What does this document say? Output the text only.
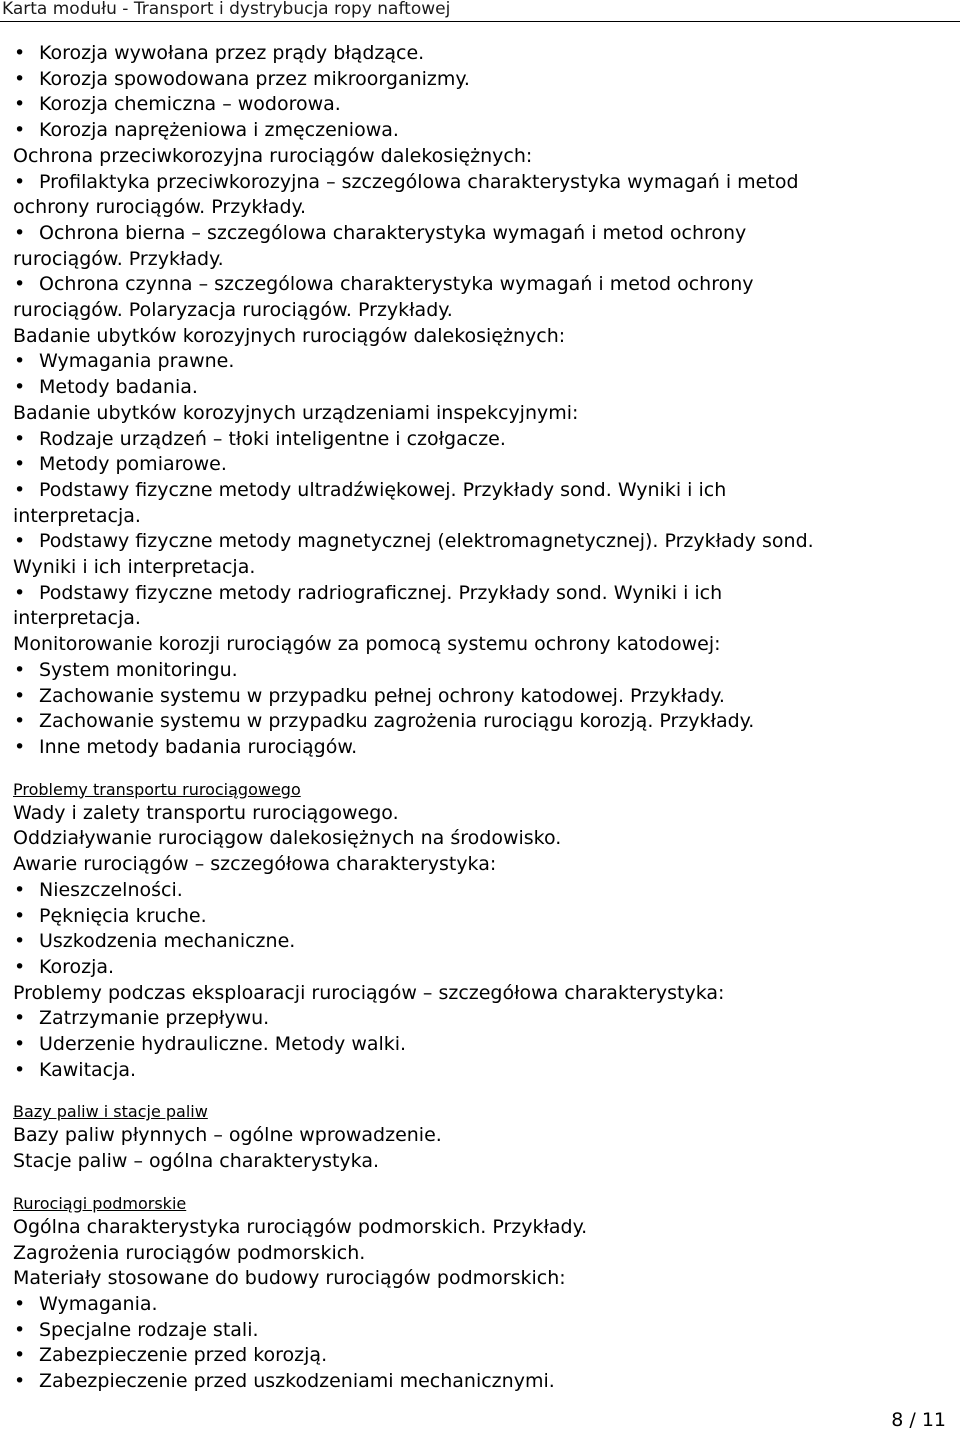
Karta modułu - Transport i dystrybucja ropy naftowej
• Korozja wywołana przez prądy błądzące.
• Korozja spowodowana przez mikroorganizmy.
• Korozja chemiczna – wodorowa.
• Korozja naprężeniowa i zmęczeniowa.
Ochrona przeciwkorozyjna rurociągów dalekosiężnych:
• Profilaktyka przeciwkorozyjna – szczególowa charakterystyka wymagań i metod
ochrony rurociągów. Przykłady.
• Ochrona bierna – szczególowa charakterystyka wymagań i metod ochrony
rurociągów. Przykłady.
• Ochrona czynna – szczególowa charakterystyka wymagań i metod ochrony
rurociągów. Polaryzacja rurociągów. Przykłady.
Badanie ubytków korozyjnych rurociągów dalekosiężnych:
• Wymagania prawne.
• Metody badania.
Badanie ubytków korozyjnych urządzeniami inspekcyjnymi:
• Rodzaje urządzeń – tłoki inteligentne i czołgacze.
• Metody pomiarowe.
• Podstawy fizyczne metody ultradźwiękowej. Przykłady sond. Wyniki i ich
interpretacja.
• Podstawy fizyczne metody magnetycznej (elektromagnetycznej). Przykłady sond.
Wyniki i ich interpretacja.
• Podstawy fizyczne metody radriograficznej. Przykłady sond. Wyniki i ich
interpretacja.
Monitorowanie korozji rurociągów za pomocą systemu ochrony katodowej:
• System monitoringu.
• Zachowanie systemu w przypadku pełnej ochrony katodowej. Przykłady.
• Zachowanie systemu w przypadku zagrożenia rurociągu korozją. Przykłady.
• Inne metody badania rurociągów.
Problemy transportu rurociągowego
Wady i zalety transportu rurociągowego.
Oddziaływanie rurociągow dalekosiężnych na środowisko.
Awarie rurociągów – szczegółowa charakterystyka:
• Nieszczelności.
• Pęknięcia kruche.
• Uszkodzenia mechaniczne.
• Korozja.
Problemy podczas eksploaracji rurociągów – szczegółowa charakterystyka:
• Zatrzymanie przepływu.
• Uderzenie hydrauliczne. Metody walki.
• Kawitacja.
Bazy paliw i stacje paliw
Bazy paliw płynnych – ogólne wprowadzenie.
Stacje paliw – ogólna charakterystyka.
Rurociągi podmorskie
Ogólna charakterystyka rurociągów podmorskich. Przykłady.
Zagrożenia rurociągów podmorskich.
Materiały stosowane do budowy rurociągów podmorskich:
• Wymagania.
• Specjalne rodzaje stali.
• Zabezpieczenie przed korozją.
• Zabezpieczenie przed uszkodzeniami mechanicznymi.
8 / 11
